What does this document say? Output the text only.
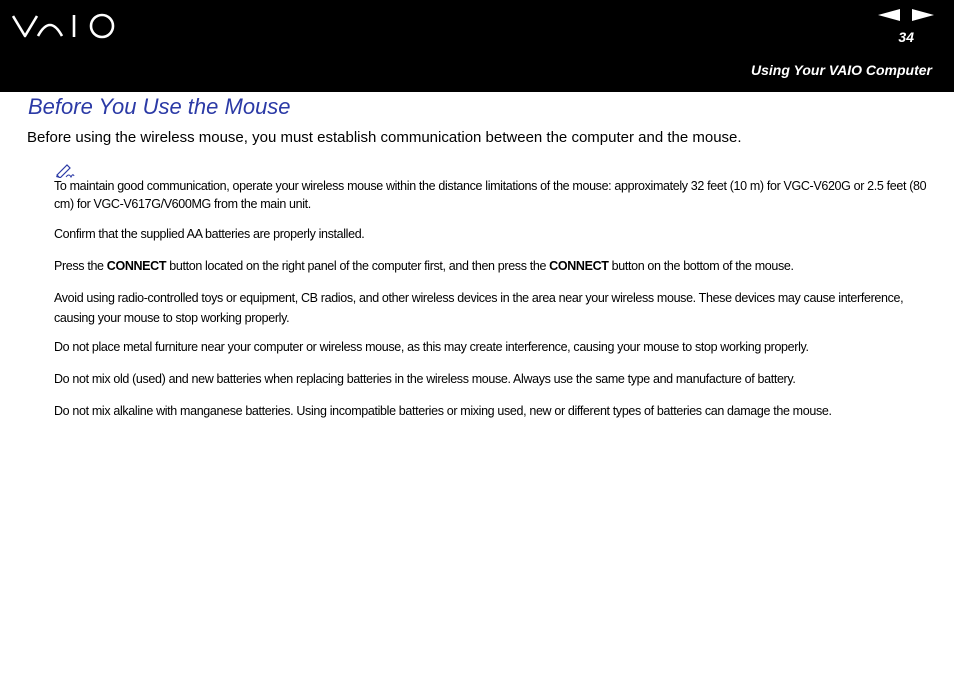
34
Using Your VAIO Computer
Before You Use the Mouse

Before using the wireless mouse, you must establish communication between the computer and the mouse.

To maintain good communication, operate your wireless mouse within the distance limitations of the mouse: approximately 32 feet (10 m) for VGC-V620G or 2.5 feet (80 cm) for VGC-V617G/V600MG from the main unit.

Confirm that the supplied AA batteries are properly installed.

Press the CONNECT button located on the right panel of the computer first, and then press the CONNECT button on the bottom of the mouse.

Avoid using radio-controlled toys or equipment, CB radios, and other wireless devices in the area near your wireless mouse. These devices may cause interference, causing your mouse to stop working properly.

Do not place metal furniture near your computer or wireless mouse, as this may create interference, causing your mouse to stop working properly.

Do not mix old (used) and new batteries when replacing batteries in the wireless mouse. Always use the same type and manufacture of battery.

Do not mix alkaline with manganese batteries. Using incompatible batteries or mixing used, new or different types of batteries can damage the mouse.
